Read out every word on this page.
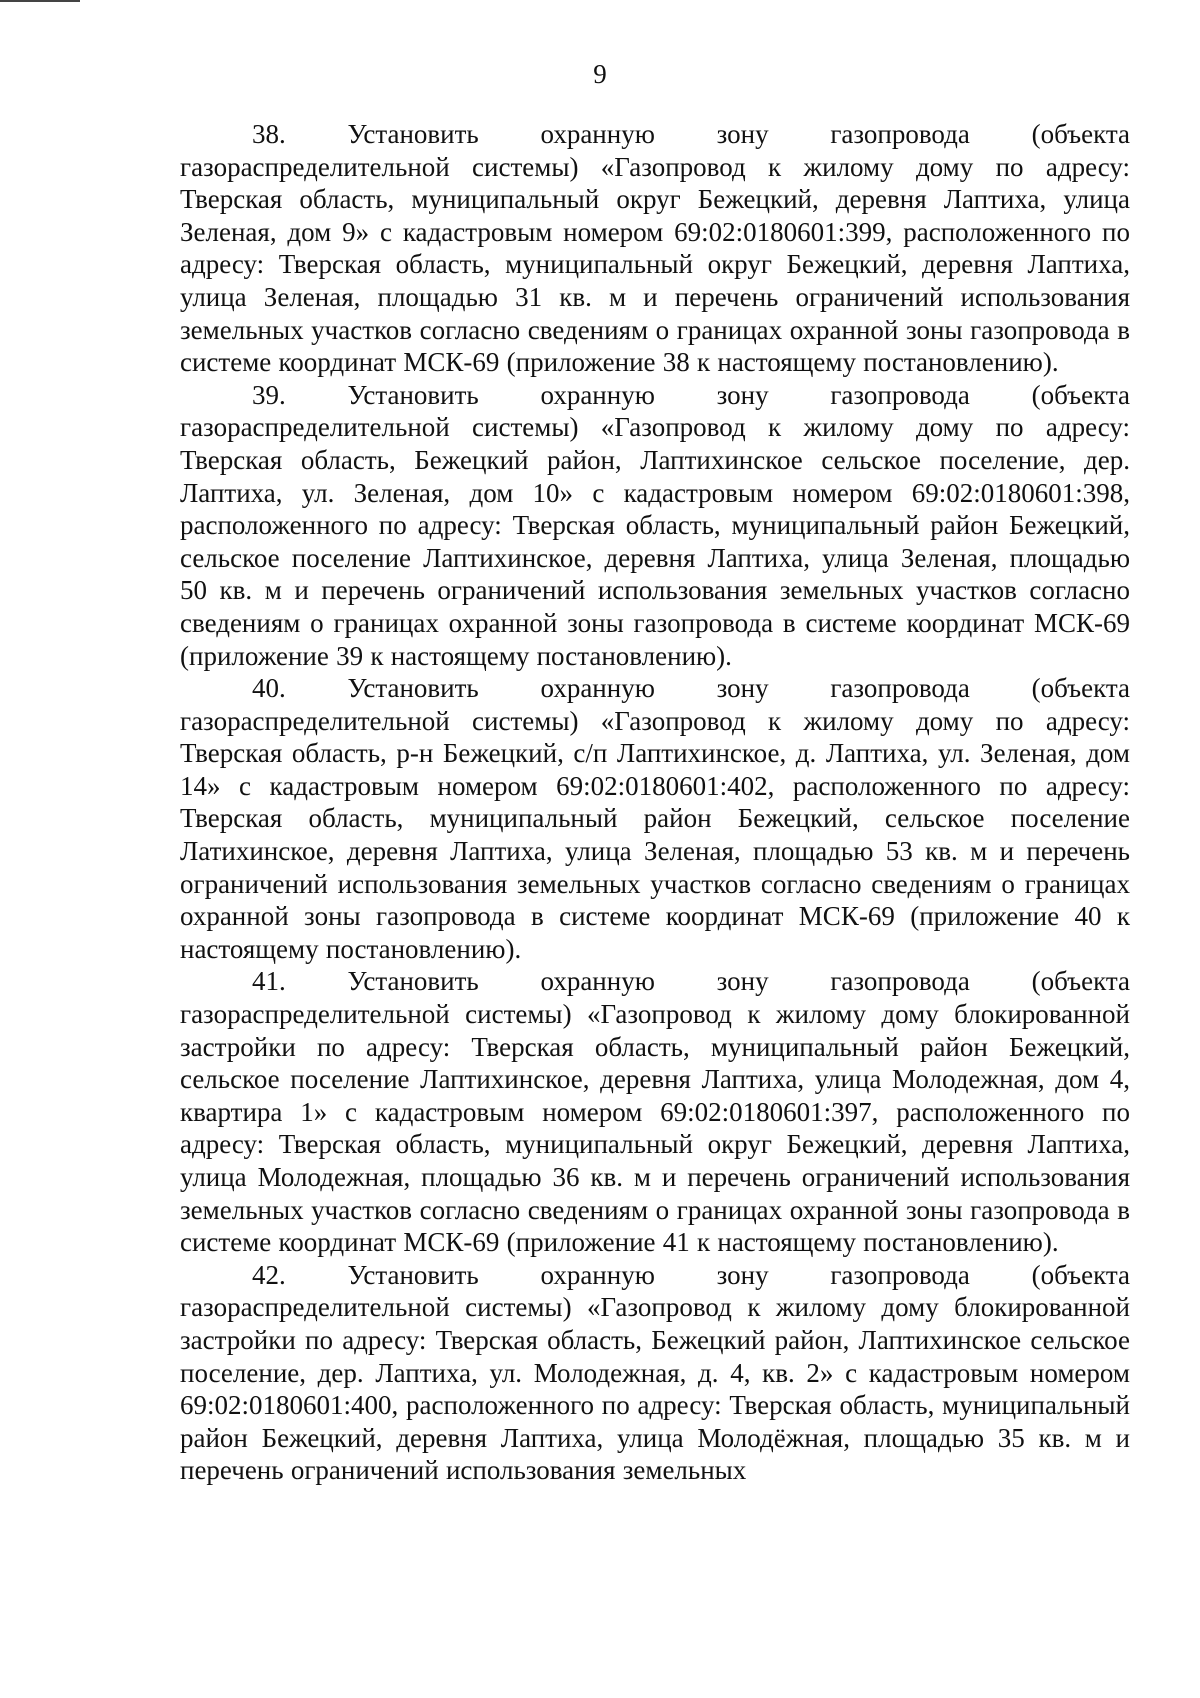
9

38. Установить охранную зону газопровода (объекта газораспределительной системы) «Газопровод к жилому дому по адресу: Тверская область, муниципальный округ Бежецкий, деревня Лаптиха, улица Зеленая, дом 9» с кадастровым номером 69:02:0180601:399, расположенного по адресу: Тверская область, муниципальный округ Бежецкий, деревня Лаптиха, улица Зеленая, площадью 31 кв. м и перечень ограничений использования земельных участков согласно сведениям о границах охранной зоны газопровода в системе координат МСК-69 (приложение 38 к настоящему постановлению).

39. Установить охранную зону газопровода (объекта газораспределительной системы) «Газопровод к жилому дому по адресу: Тверская область, Бежецкий район, Лаптихинское сельское поселение, дер. Лаптиха, ул. Зеленая, дом 10» с кадастровым номером 69:02:0180601:398, расположенного по адресу: Тверская область, муниципальный район Бежецкий, сельское поселение Лаптихинское, деревня Лаптиха, улица Зеленая, площадью 50 кв. м и перечень ограничений использования земельных участков согласно сведениям о границах охранной зоны газопровода в системе координат МСК-69 (приложение 39 к настоящему постановлению).

40. Установить охранную зону газопровода (объекта газораспределительной системы) «Газопровод к жилому дому по адресу: Тверская область, р-н Бежецкий, с/п Лаптихинское, д. Лаптиха, ул. Зеленая, дом 14» с кадастровым номером 69:02:0180601:402, расположенного по адресу: Тверская область, муниципальный район Бежецкий, сельское поселение Латихинское, деревня Лаптиха, улица Зеленая, площадью 53 кв. м и перечень ограничений использования земельных участков согласно сведениям о границах охранной зоны газопровода в системе координат МСК-69 (приложение 40 к настоящему постановлению).

41. Установить охранную зону газопровода (объекта газораспределительной системы) «Газопровод к жилому дому блокированной застройки по адресу: Тверская область, муниципальный район Бежецкий, сельское поселение Лаптихинское, деревня Лаптиха, улица Молодежная, дом 4, квартира 1» с кадастровым номером 69:02:0180601:397, расположенного по адресу: Тверская область, муниципальный округ Бежецкий, деревня Лаптиха, улица Молодежная, площадью 36 кв. м и перечень ограничений использования земельных участков согласно сведениям о границах охранной зоны газопровода в системе координат МСК-69 (приложение 41 к настоящему постановлению).

42. Установить охранную зону газопровода (объекта газораспределительной системы) «Газопровод к жилому дому блокированной застройки по адресу: Тверская область, Бежецкий район, Лаптихинское сельское поселение, дер. Лаптиха, ул. Молодежная, д. 4, кв. 2» с кадастровым номером 69:02:0180601:400, расположенного по адресу: Тверская область, муниципальный район Бежецкий, деревня Лаптиха, улица Молодёжная, площадью 35 кв. м и перечень ограничений использования земельных
